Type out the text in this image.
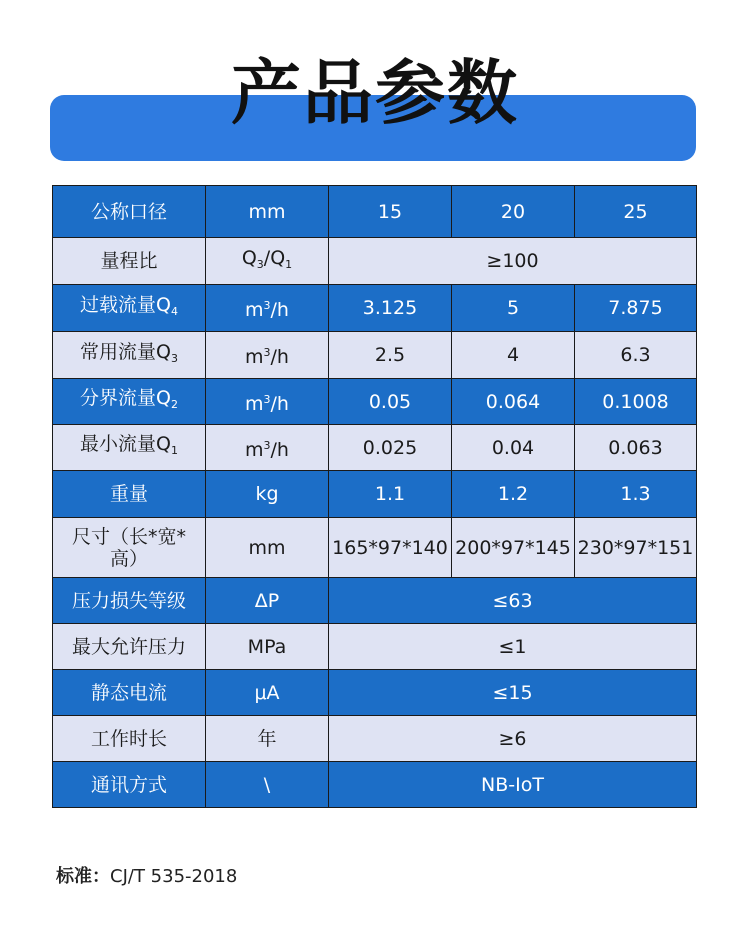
产品参数
公称口径	mm	15	20	25
量程比	$Q_3/Q_1$	≥100		
过载流量$Q_4$	$m^3/h$	3.125	5	7.875
常用流量$Q_3$	$m^3/h$	2.5	4	6.3
分界流量$Q_2$	$m^3/h$	0.05	0.064	0.1008
最小流量$Q_1$	$m^3/h$	0.025	0.04	0.063
重量	kg	1.1	1.2	1.3
尺寸（长*宽*高）	mm	165*97*140	200*97*145	230*97*151
压力损失等级	ΔP	≤63		
最大允许压力	MPa	≤1		
静态电流	μA	≤15		
工作时长	年	≥6		
通讯方式	\	NB-IoT		
标准：CJ/T 535-2018
